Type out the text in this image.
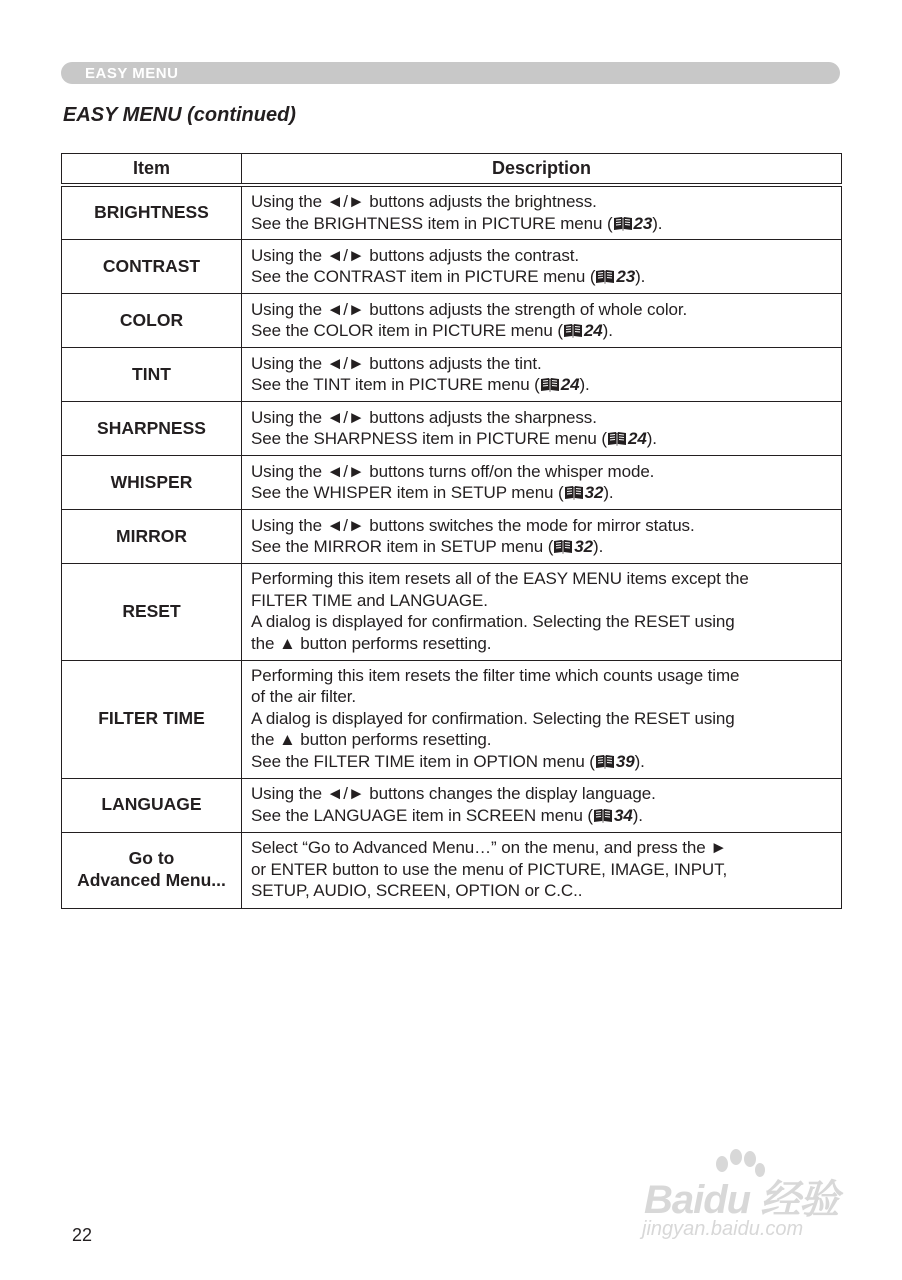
EASY MENU
EASY MENU (continued)
Item	Description

BRIGHTNESS	Using the ◄/► buttons adjusts the brightness.
See the BRIGHTNESS item in PICTURE menu ( 23).

CONTRAST	Using the ◄/► buttons adjusts the contrast.
See the CONTRAST item in PICTURE menu ( 23).

COLOR	Using the ◄/► buttons adjusts the strength of whole color.
See the COLOR item in PICTURE menu ( 24).

TINT	Using the ◄/► buttons adjusts the tint.
See the TINT item in PICTURE menu ( 24).

SHARPNESS	Using the ◄/► buttons adjusts the sharpness.
See the SHARPNESS item in PICTURE menu ( 24).

WHISPER	Using the ◄/► buttons turns off/on the whisper mode.
See the WHISPER item in SETUP menu ( 32).

MIRROR	Using the ◄/► buttons switches the mode for mirror status.
See the MIRROR item in SETUP menu ( 32).

RESET	Performing this item resets all of the EASY MENU items except the
FILTER TIME and LANGUAGE.
A dialog is displayed for confirmation. Selecting the RESET using
the ▲ button performs resetting.

FILTER TIME	Performing this item resets the filter time which counts usage time
of the air filter.
A dialog is displayed for confirmation. Selecting the RESET using
the ▲ button performs resetting.
See the FILTER TIME item in OPTION menu ( 39).

LANGUAGE	Using the ◄/► buttons changes the display language.
See the LANGUAGE item in SCREEN menu ( 34).

Go to
Advanced Menu...	Select “Go to Advanced Menu…” on the menu, and press the ►
or ENTER button to use the menu of PICTURE, IMAGE, INPUT,
SETUP, AUDIO, SCREEN, OPTION or C.C..
22
Baidu 经验
jingyan.baidu.com
